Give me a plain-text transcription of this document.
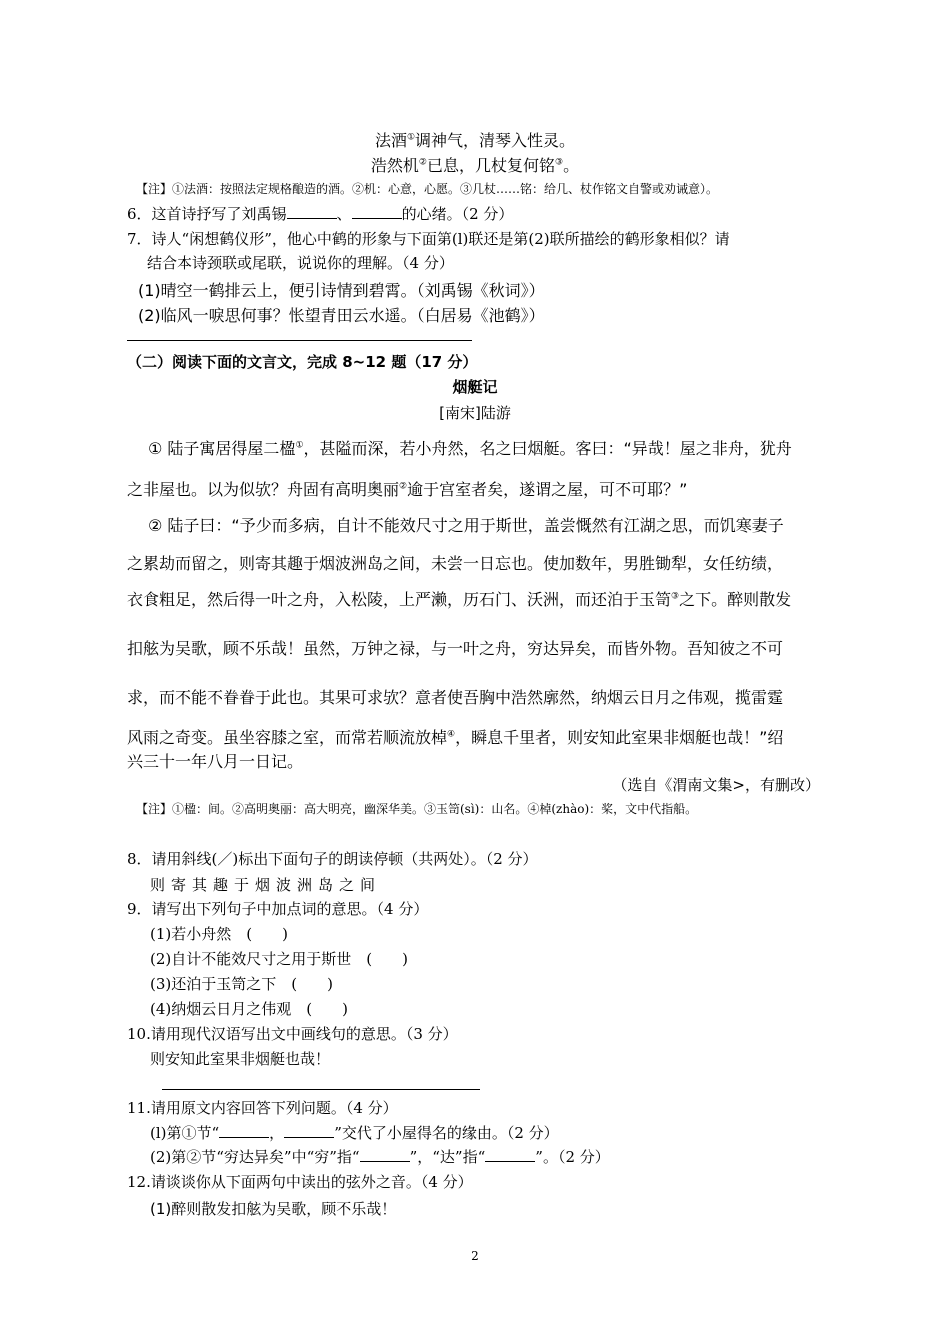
法酒①调神气，清琴入性灵。
浩然机②已息，几杖复何铭③。
【注】①法酒：按照法定规格酿造的酒。②机：心意，心愿。③几杖……铭：给几、杖作铭文自警或劝诫意）。
6．这首诗抒写了刘禹锡	、	的心绪。（2 分）
7．诗人“闲想鹤仪形”，他心中鹤的形象与下面第(l)联还是第(2)联所描绘的鹤形象相似？请
结合本诗颈联或尾联，说说你的理解。（4 分）
(1)晴空一鹤排云上，便引诗情到碧霄。（刘禹锡《秋词》）
(2)临风一唳思何事？怅望青田云水遥。（白居易《池鹤》）
（二）阅读下面的文言文，完成 8~12 题（17 分）
烟艇记
[南宋]陆游
① 陆子寓居得屋二楹①，甚隘而深，若小舟然，名之曰烟艇。客曰：“异哉！屋之非舟，犹舟
之非屋也。以为似欤？舟固有高明奥丽②逾于宫室者矣，遂谓之屋，可不可耶？”
② 陆子曰：“予少而多病，自计不能效尺寸之用于斯世，盖尝慨然有江湖之思，而饥寒妻子
之累劫而留之，则寄其趣于烟波洲岛之间，未尝一日忘也。使加数年，男胜锄犁，女任纺绩，
衣食粗足，然后得一叶之舟，入松陵，上严濑，历石门、沃洲，而还泊于玉笥③之下。醉则散发
扣舷为吴歌，顾不乐哉！虽然，万钟之禄，与一叶之舟，穷达异矣，而皆外物。吾知彼之不可
求，而不能不眷眷于此也。其果可求欤？意者使吾胸中浩然廓然，纳烟云日月之伟观，揽雷霆
风雨之奇变。虽坐容膝之室，而常若顺流放棹④，瞬息千里者，则安知此室果非烟艇也哉！”绍
兴三十一年八月一日记。
（选自《渭南文集>，有删改）
【注】①楹：间。②高明奥丽：高大明亮，幽深华美。③玉笥(sì)：山名。④棹(zhào)：桨，文中代指船。
8．请用斜线(／)标出下面句子的朗读停顿（共两处）。（2 分）
则寄其趣于烟波洲岛之间
9．请写出下列句子中加点词的意思。（4 分）
(1)若小舟然　(　　)
(2)自计不能效尺寸之用于斯世　(　　)
(3)还泊于玉笥之下　(　　)
(4)纳烟云日月之伟观　(　　)
10.请用现代汉语写出文中画线句的意思。（3 分）
则安知此室果非烟艇也哉！
11.请用原文内容回答下列问题。（4 分）
(l)第①节“	，	”交代了小屋得名的缘由。（2 分）
(2)第②节“穷达异矣”中“穷”指“	”，“达”指“	”。（2 分）
12.请谈谈你从下面两句中读出的弦外之音。（4 分）
(1)醉则散发扣舷为吴歌，顾不乐哉！
2
